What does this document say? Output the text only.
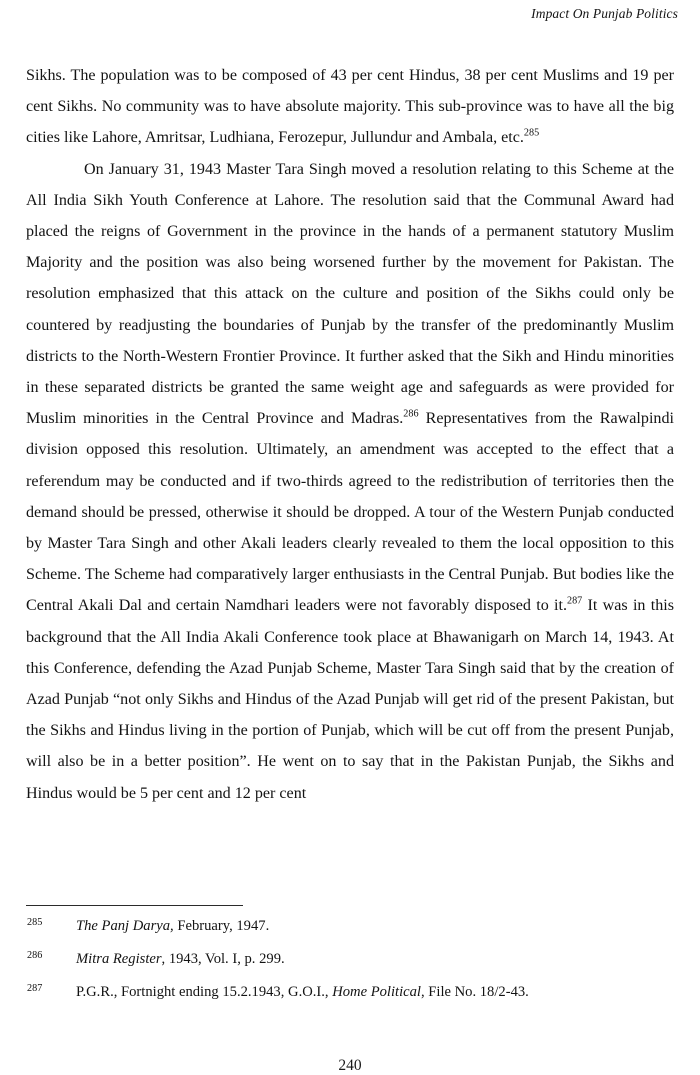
Impact On Punjab Politics

Sikhs. The population was to be composed of 43 per cent Hindus, 38 per cent Muslims and 19 per cent Sikhs. No community was to have absolute majority. This sub-province was to have all the big cities like Lahore, Amritsar, Ludhiana, Ferozepur, Jullundur and Ambala, etc.$^{285}$

On January 31, 1943 Master Tara Singh moved a resolution relating to this Scheme at the All India Sikh Youth Conference at Lahore. The resolution said that the Communal Award had placed the reigns of Government in the province in the hands of a permanent statutory Muslim Majority and the position was also being worsened further by the movement for Pakistan. The resolution emphasized that this attack on the culture and position of the Sikhs could only be countered by readjusting the boundaries of Punjab by the transfer of the predominantly Muslim districts to the North-Western Frontier Province. It further asked that the Sikh and Hindu minorities in these separated districts be granted the same weight age and safeguards as were provided for Muslim minorities in the Central Province and Madras.$^{286}$ Representatives from the Rawalpindi division opposed this resolution. Ultimately, an amendment was accepted to the effect that a referendum may be conducted and if two-thirds agreed to the redistribution of territories then the demand should be pressed, otherwise it should be dropped. A tour of the Western Punjab conducted by Master Tara Singh and other Akali leaders clearly revealed to them the local opposition to this Scheme. The Scheme had comparatively larger enthusiasts in the Central Punjab. But bodies like the Central Akali Dal and certain Namdhari leaders were not favorably disposed to it.$^{287}$ It was in this background that the All India Akali Conference took place at Bhawanigarh on March 14, 1943. At this Conference, defending the Azad Punjab Scheme, Master Tara Singh said that by the creation of Azad Punjab “not only Sikhs and Hindus of the Azad Punjab will get rid of the present Pakistan, but the Sikhs and Hindus living in the portion of Punjab, which will be cut off from the present Punjab, will also be in a better position”. He went on to say that in the Pakistan Punjab, the Sikhs and Hindus would be 5 per cent and 12 per cent

285	The Panj Darya, February, 1947.
286	Mitra Register, 1943, Vol. I, p. 299.
287	P.G.R., Fortnight ending 15.2.1943, G.O.I., Home Political, File No. 18/2-43.
240
